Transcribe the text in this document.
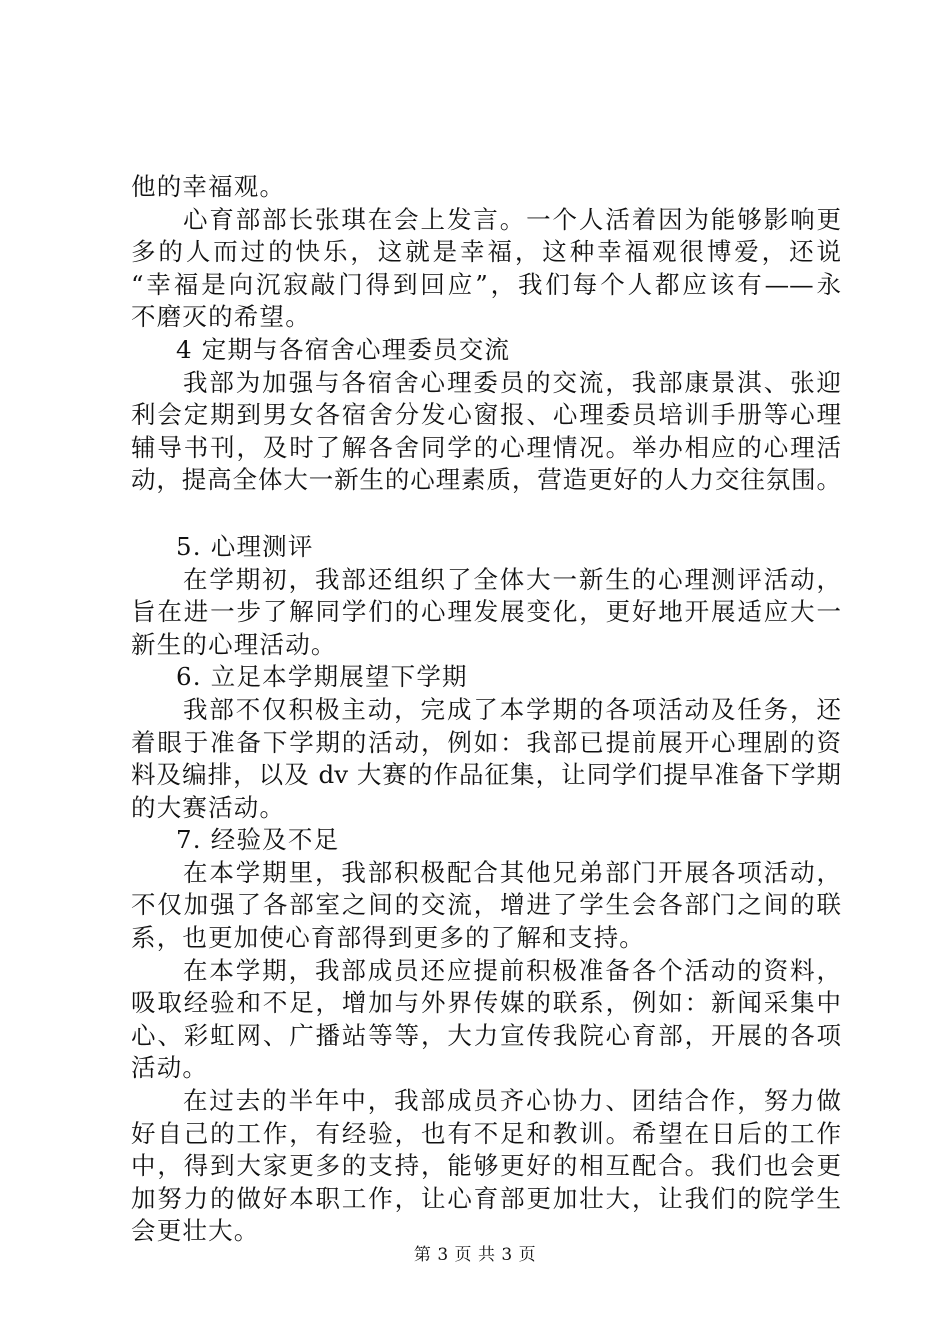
他的幸福观。
心育部部长张琪在会上发言。一个人活着因为能够影响更
多的人而过的快乐，这就是幸福，这种幸福观很博爱，还说
“幸福是向沉寂敲门得到回应”，我们每个人都应该有——永
不磨灭的希望。
4 定期与各宿舍心理委员交流
我部为加强与各宿舍心理委员的交流，我部康景淇、张迎
利会定期到男女各宿舍分发心窗报、心理委员培训手册等心理
辅导书刊，及时了解各舍同学的心理情况。举办相应的心理活
动，提高全体大一新生的心理素质，营造更好的人力交往氛围。
5. 心理测评
在学期初，我部还组织了全体大一新生的心理测评活动，
旨在进一步了解同学们的心理发展变化，更好地开展适应大一
新生的心理活动。
6. 立足本学期展望下学期
我部不仅积极主动，完成了本学期的各项活动及任务，还
着眼于准备下学期的活动，例如：我部已提前展开心理剧的资
料及编排，以及 dv 大赛的作品征集，让同学们提早准备下学期
的大赛活动。
7. 经验及不足
在本学期里，我部积极配合其他兄弟部门开展各项活动，
不仅加强了各部室之间的交流，增进了学生会各部门之间的联
系，也更加使心育部得到更多的了解和支持。
在本学期，我部成员还应提前积极准备各个活动的资料，
吸取经验和不足，增加与外界传媒的联系，例如：新闻采集中
心、彩虹网、广播站等等，大力宣传我院心育部，开展的各项
活动。
在过去的半年中，我部成员齐心协力、团结合作，努力做
好自己的工作，有经验，也有不足和教训。希望在日后的工作
中，得到大家更多的支持，能够更好的相互配合。我们也会更
加努力的做好本职工作，让心育部更加壮大，让我们的院学生
会更壮大。
第 3 页 共 3 页
